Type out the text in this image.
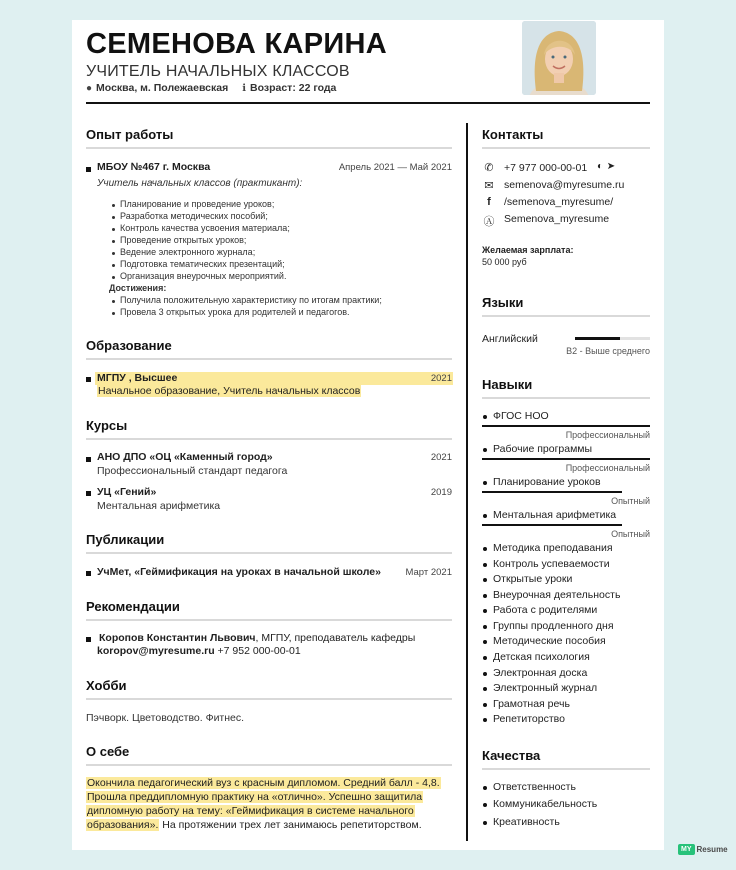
СЕМЕНОВА КАРИНА
УЧИТЕЛЬ НАЧАЛЬНЫХ КЛАССОВ
● Москва, м. Полежаевская ℹ Возраст: 22 года
Опыт работы
МБОУ №467 г. Москва	Апрель 2021 — Май 2021
Учитель начальных классов (практикант):
Планирование и проведение уроков;
Разработка методических пособий;
Контроль качества усвоения материала;
Проведение открытых уроков;
Ведение электронного журнала;
Подготовка тематических презентаций;
Организация внеурочных мероприятий.
Достижения:
Получила положительную характеристику по итогам практики;
Провела 3 открытых урока для родителей и педагогов.
Образование
МГПУ , Высшее	2021
Начальное образование, Учитель начальных классов
Курсы
АНО ДПО «ОЦ «Каменный город»	2021
Профессиональный стандарт педагога
УЦ «Гений»	2019
Ментальная арифметика
Публикации
УчМет, «Геймификация на уроках в начальной школе»	Март 2021
Рекомендации
Коропов Константин Львович, МГПУ, преподаватель кафедры
koropov@myresume.ru +7 952 000-00-01
Хобби
Пэчворк. Цветоводство. Фитнес.
О себе
Окончила педагогический вуз с красным дипломом. Средний балл - 4,8.
Прошла преддипломную практику на «отлично». Успешно защитила
дипломную работу на тему: «Геймификация в системе начального
образования». На протяжении трех лет занимаюсь репетиторством.
Контакты
✆ +7 977 000-00-01 ◐ ➤
✉ semenova@myresume.ru
f	/semenova_myresume/
Ⓐ Semenova_myresume
Желаемая зарплата:
50 000 руб
Языки
Английский
B2 - Выше среднего
Навыки
ФГОС НОО
Профессиональный
Рабочие программы
Профессиональный
Планирование уроков
Опытный
Ментальная арифметика
Опытный
Методика преподавания
Контроль успеваемости
Открытые уроки
Внеурочная деятельность
Работа с родителями
Группы продленного дня
Методические пособия
Детская психология
Электронная доска
Электронный журнал
Грамотная речь
Репетиторство
Качества
Ответственность
Коммуникабельность
Креативность
MY Resume
